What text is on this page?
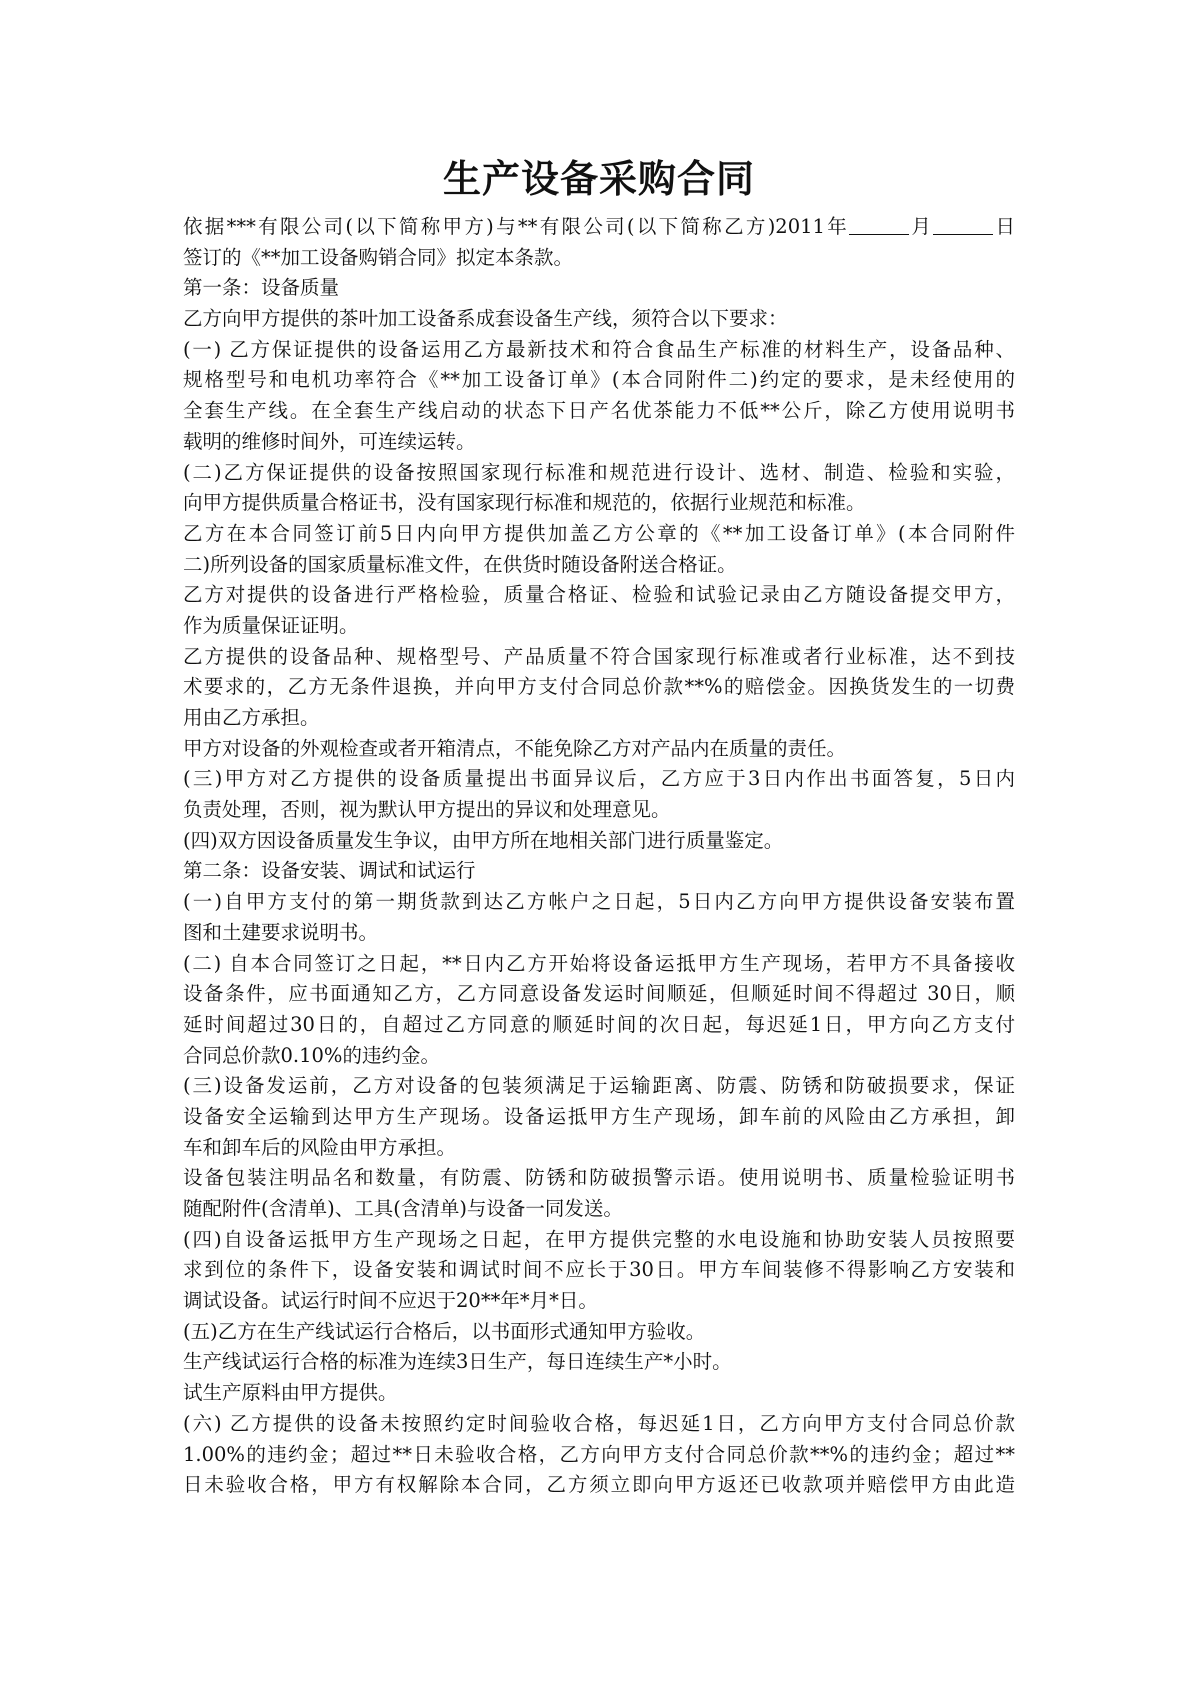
生产设备采购合同
依据***有限公司(以下简称甲方)与**有限公司(以下简称乙方)2011年	月	日
签订的《**加工设备购销合同》拟定本条款。
第一条：设备质量
乙方向甲方提供的茶叶加工设备系成套设备生产线，须符合以下要求：
(一) 乙方保证提供的设备运用乙方最新技术和符合食品生产标准的材料生产，设备品种、
规格型号和电机功率符合《**加工设备订单》(本合同附件二)约定的要求，是未经使用的
全套生产线。在全套生产线启动的状态下日产名优茶能力不低**公斤，除乙方使用说明书
载明的维修时间外，可连续运转。
(二)乙方保证提供的设备按照国家现行标准和规范进行设计、选材、制造、检验和实验，
向甲方提供质量合格证书，没有国家现行标准和规范的，依据行业规范和标准。
乙方在本合同签订前5日内向甲方提供加盖乙方公章的《**加工设备订单》(本合同附件
二)所列设备的国家质量标准文件，在供货时随设备附送合格证。
乙方对提供的设备进行严格检验，质量合格证、检验和试验记录由乙方随设备提交甲方，
作为质量保证证明。
乙方提供的设备品种、规格型号、产品质量不符合国家现行标准或者行业标准，达不到技
术要求的，乙方无条件退换，并向甲方支付合同总价款**%的赔偿金。因换货发生的一切费
用由乙方承担。
甲方对设备的外观检查或者开箱清点，不能免除乙方对产品内在质量的责任。
(三)甲方对乙方提供的设备质量提出书面异议后，乙方应于3日内作出书面答复，5日内
负责处理，否则，视为默认甲方提出的异议和处理意见。
(四)双方因设备质量发生争议，由甲方所在地相关部门进行质量鉴定。
第二条：设备安装、调试和试运行
(一)自甲方支付的第一期货款到达乙方帐户之日起，5日内乙方向甲方提供设备安装布置
图和土建要求说明书。
(二) 自本合同签订之日起，**日内乙方开始将设备运抵甲方生产现场，若甲方不具备接收
设备条件，应书面通知乙方，乙方同意设备发运时间顺延，但顺延时间不得超过 30日，顺
延时间超过30日的，自超过乙方同意的顺延时间的次日起，每迟延1日，甲方向乙方支付
合同总价款0.10%的违约金。
(三)设备发运前，乙方对设备的包装须满足于运输距离、防震、防锈和防破损要求，保证
设备安全运输到达甲方生产现场。设备运抵甲方生产现场，卸车前的风险由乙方承担，卸
车和卸车后的风险由甲方承担。
设备包装注明品名和数量，有防震、防锈和防破损警示语。使用说明书、质量检验证明书
随配附件(含清单)、工具(含清单)与设备一同发送。
(四)自设备运抵甲方生产现场之日起，在甲方提供完整的水电设施和协助安装人员按照要
求到位的条件下，设备安装和调试时间不应长于30日。甲方车间装修不得影响乙方安装和
调试设备。试运行时间不应迟于20**年*月*日。
(五)乙方在生产线试运行合格后，以书面形式通知甲方验收。
生产线试运行合格的标准为连续3日生产，每日连续生产*小时。
试生产原料由甲方提供。
(六) 乙方提供的设备未按照约定时间验收合格，每迟延1日，乙方向甲方支付合同总价款
1.00%的违约金；超过**日未验收合格，乙方向甲方支付合同总价款**%的违约金；超过**
日未验收合格，甲方有权解除本合同，乙方须立即向甲方返还已收款项并赔偿甲方由此造
